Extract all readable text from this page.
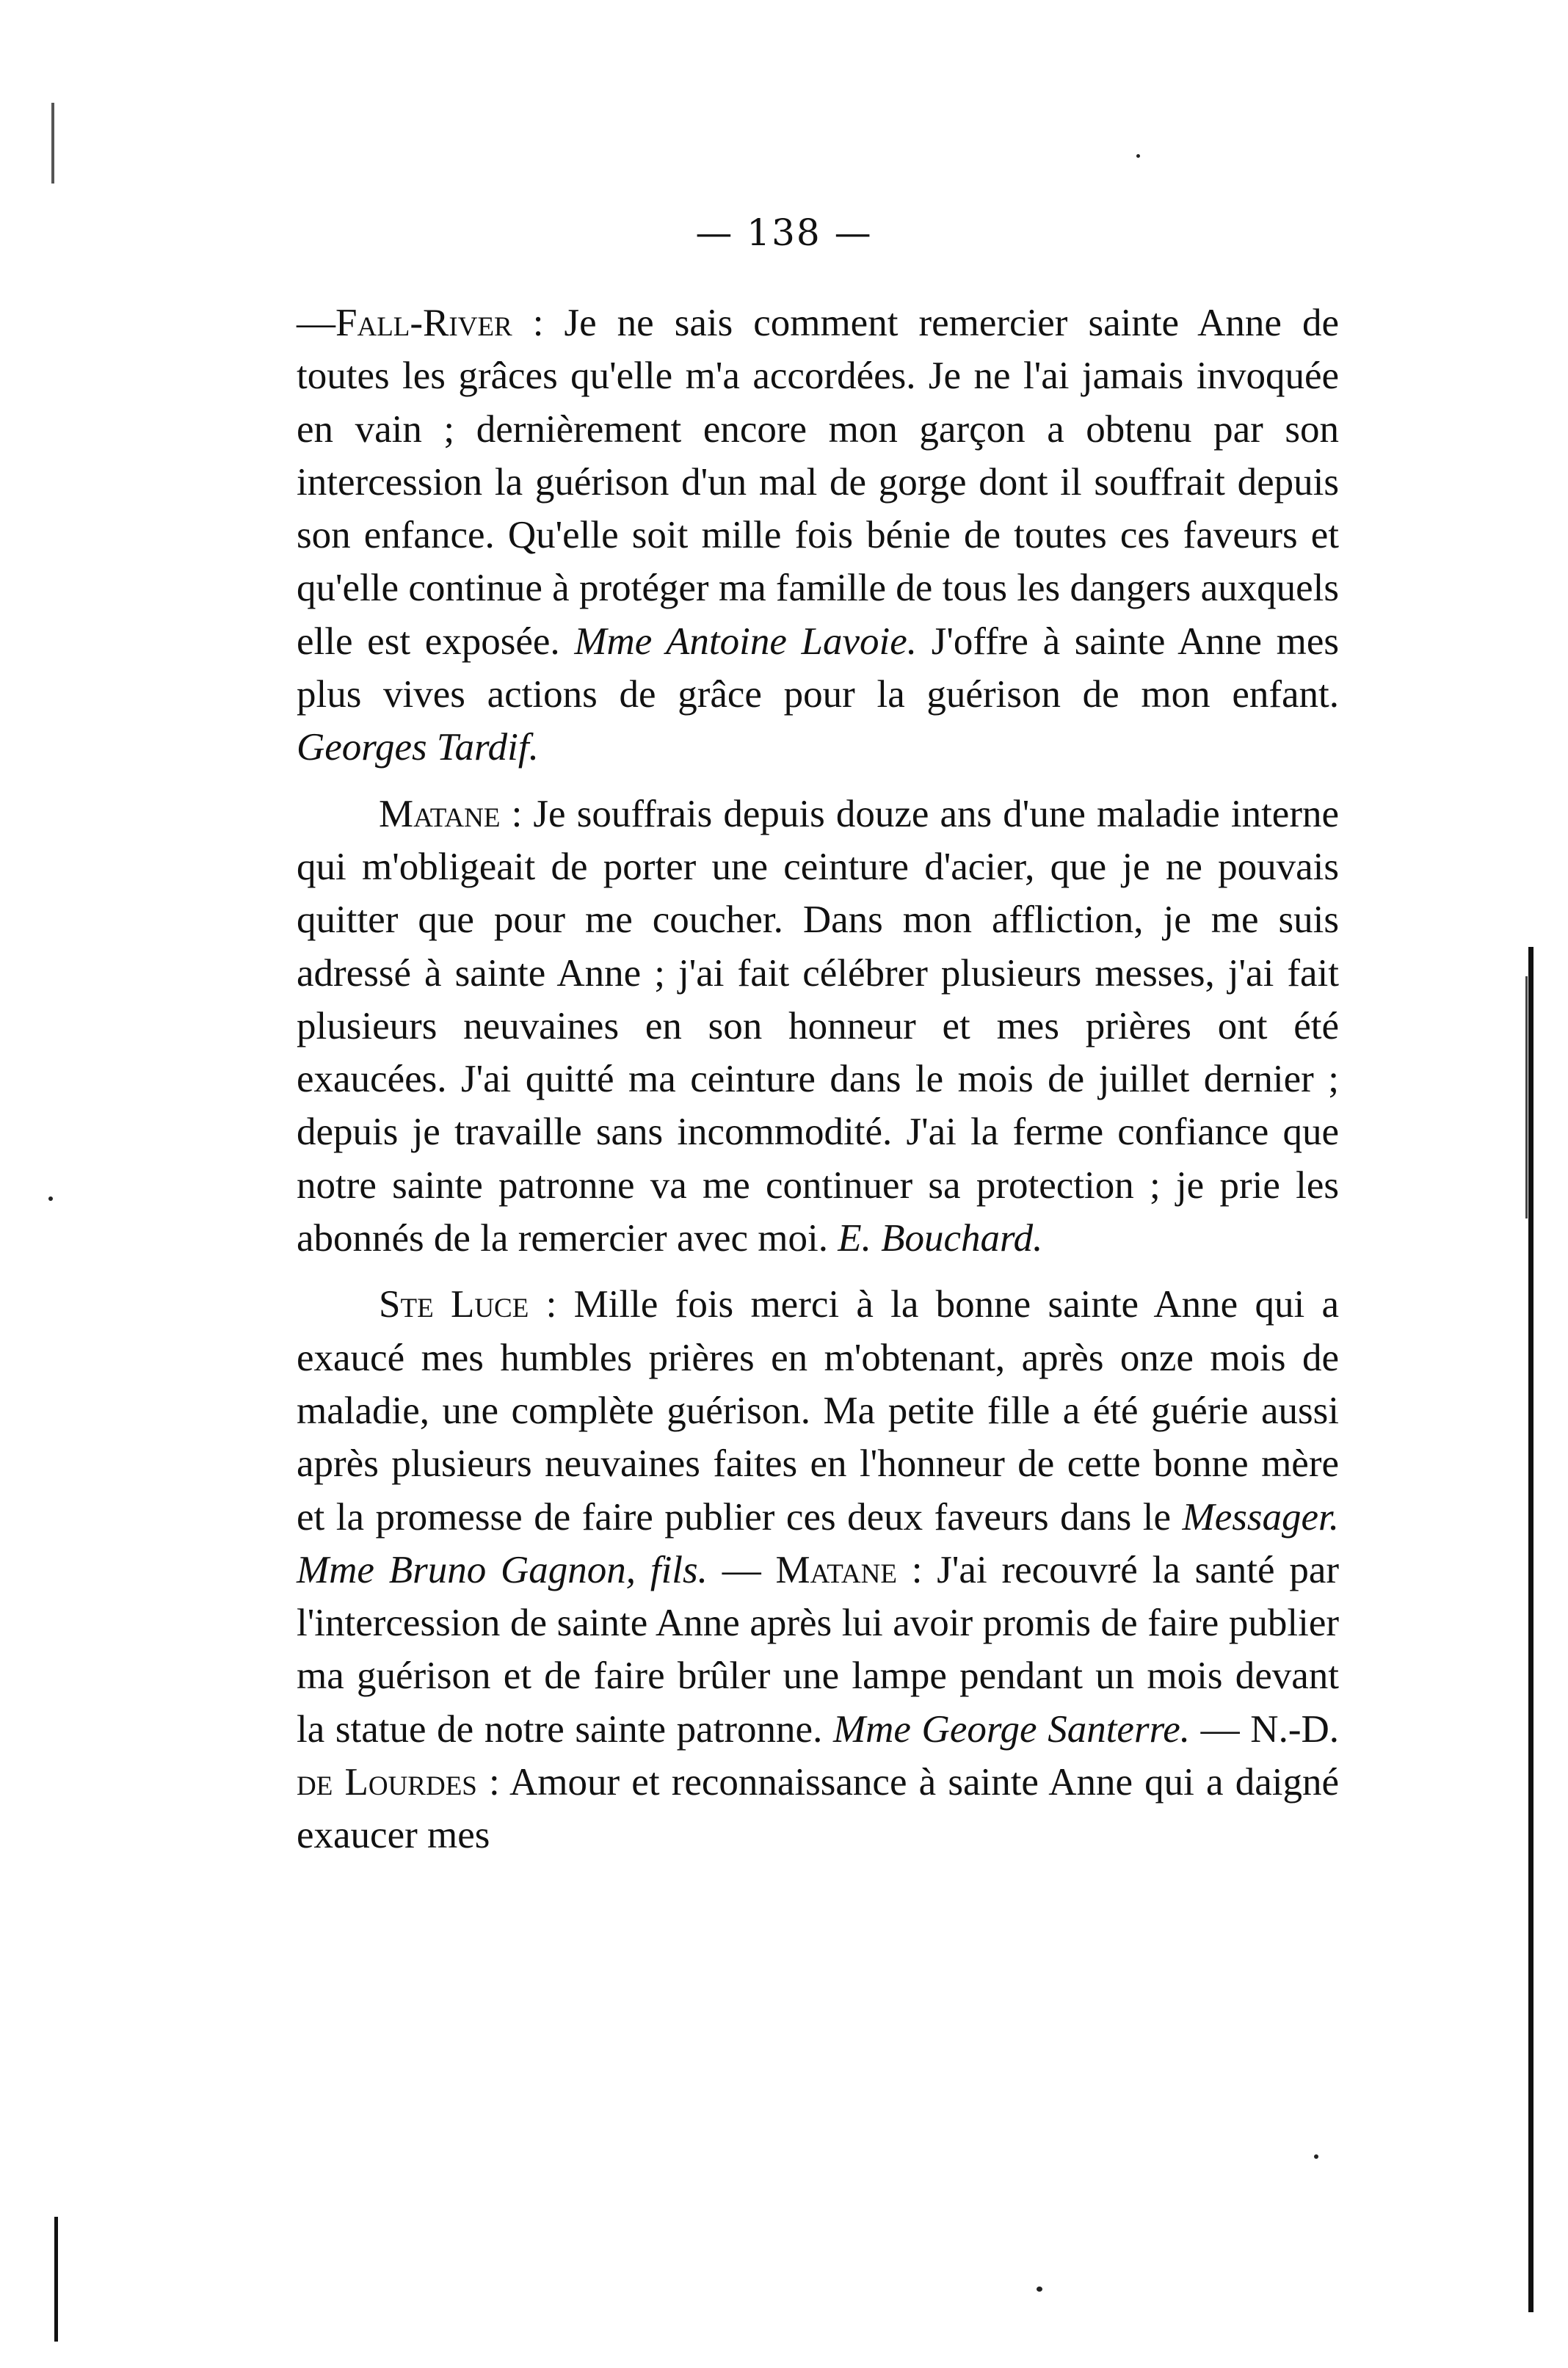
— 138 —

—Fall-River : Je ne sais comment remercier sainte Anne de toutes les grâces qu'elle m'a accordées. Je ne l'ai jamais invoquée en vain ; dernièrement encore mon garçon a obtenu par son intercession la guérison d'un mal de gorge dont il souffrait depuis son enfance. Qu'elle soit mille fois bénie de toutes ces faveurs et qu'elle continue à protéger ma famille de tous les dangers auxquels elle est exposée. Mme Antoine Lavoie. J'offre à sainte Anne mes plus vives actions de grâce pour la guérison de mon enfant. Georges Tardif.

Matane : Je souffrais depuis douze ans d'une maladie interne qui m'obligeait de porter une ceinture d'acier, que je ne pouvais quitter que pour me coucher. Dans mon affliction, je me suis adressé à sainte Anne ; j'ai fait célébrer plusieurs messes, j'ai fait plusieurs neuvaines en son honneur et mes prières ont été exaucées. J'ai quitté ma ceinture dans le mois de juillet dernier ; depuis je travaille sans incommodité. J'ai la ferme confiance que notre sainte patronne va me continuer sa protection ; je prie les abonnés de la remercier avec moi. E. Bouchard.

Ste Luce : Mille fois merci à la bonne sainte Anne qui a exaucé mes humbles prières en m'obtenant, après onze mois de maladie, une complète guérison. Ma petite fille a été guérie aussi après plusieurs neuvaines faites en l'honneur de cette bonne mère et la promesse de faire publier ces deux faveurs dans le Messager. Mme Bruno Gagnon, fils. — Matane : J'ai recouvré la santé par l'intercession de sainte Anne après lui avoir promis de faire publier ma guérison et de faire brûler une lampe pendant un mois devant la statue de notre sainte patronne. Mme George Santerre. — N.-D. de Lourdes : Amour et reconnaissance à sainte Anne qui a daigné exaucer mes
